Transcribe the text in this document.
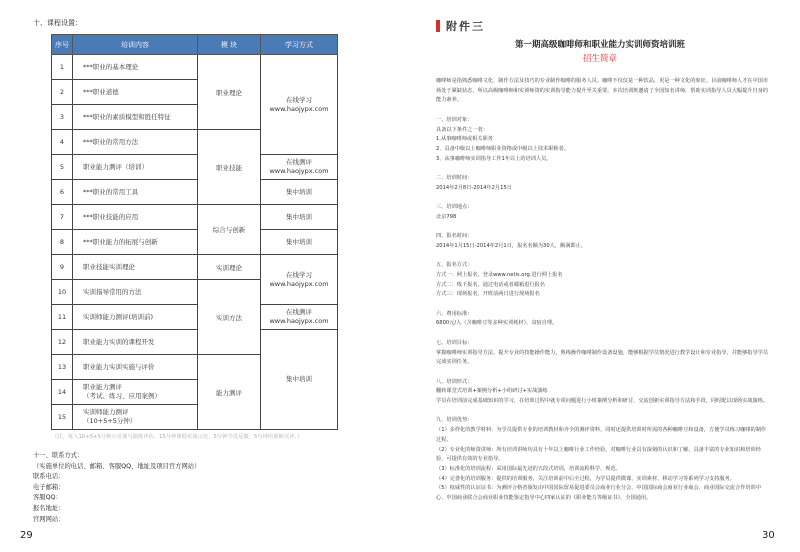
十、课程设置：
序号	培训内容	模 块	学习方式
1	***职业的基本理论	职业理论	在线学习
www.haojypx.com
2	***职业道德		
3	***职业的素质模型和胜任特征		
4	***职业的常用方法	职业技能	
5	职业能力测评（培训）		在线测评
www.haojypx.com
6	***职业的常用工具		集中培训
7	***职业技能的应用	综合与创新	集中培训
8	***职业能力的拓展与创新		集中培训
9	职业技能实训理论	实训理论	在线学习
www.haojypx.com
10	实训指导常用的方法	实训方法	
11	实训师能力测评(培训前)		在线测评
www.haojypx.com
12	职业能力实训的课程开发		集中培训
13	职业能力实训实施与评价	能力测评	
14	职业能力测评
（考试、练习、应用案例）		
15	实训师能力测评
（10+5+5分钟）		
（注，每人10+5+5分钟示范课与演练评估，15分钟课程实战示范，5分钟学员反馈，5分钟培训师点评。）
十一、联系方式：
（实施单位的电话、邮箱、客服QQ、地址及项目官方网站）
联系电话：
电子邮箱：
客服QQ：
报名地址：
官网网站：
29
附件三
第一期高级咖啡师和职业能力实训师资培训班
招生简章

咖啡师是指熟悉咖啡文化、制作方法及技巧的专业制作咖啡的服务人员。咖啡不仅仅是一种饮品，更是一种文化的象征。目前咖啡师人才在中国市场处于紧缺状态，所以高级咖啡师和实训师资的实训指导能力提升至关重要。本次培训班邀请了全国知名讲师，帮助实训指导人员大幅提升自身的能力素养。

一、培训对象：

具备以下条件之一者：

1.从事咖啡师或相关职务

2、具备中级以上咖啡师职业资格或中级以上技术职称者。

3、从事咖啡师实训指导工作1年以上的培训人员。

二、培训时间：

2014年2月8日-2014年2月15日

三、培训地点：

北京798

四、报名时间：

2014年1月15日-2014年2月1日，报名名额为30人，额满即止。

五、报名方式：

方式一：网上报名，登录www.netis.org.进行网上报名

方式二：线下报名，通过电话或者邮箱进行报名

方式三：现场报名，开班前两日进行现场报名

六、费用标准：

6800元/人（含咖啡豆等多种实训耗材），食宿自理。

七、培训目标：

掌握咖啡师实训指导方法，提升专业的技能操作能力，熟练操作咖啡制作设备设施，能够根据学员情况进行教学设计和专业指导，并能够指导学员完成实训任务。

八、培训形式：

翻转课堂式培训+案例分析+小组研讨+实战演练

学员在培训前完成基础知识的学习，在培训过程中就专项问题进行小组案例分析和研讨，交流创新实训指导方法和手段，同时配以现场实战演练。

九、培训优势：

（1）多样化的教学材料：为学员提供专业的培训教材和齐全的测评资料，同时还提供培训时所需的各种咖啡豆和设备，方便学员练习咖啡的制作过程。

（2）专业化的师资讲师：所有培训讲师均具有十年以上咖啡行业工作经验，对咖啡行业具有深刻的认识和了解，具备丰富的专业知识和培训经验，可提供有效的专业指导。

（3）标准化的培训流程：采用国际最先进的五段式培训，培训流程科学、规范。

（4）完善化的培训服务：提供的培训服务，关注培训前中后全过程，为学员提供微课、实训素材、移动学习等系列学习支持服务。

（5）权威性的认证证书：为测评合格者颁发由中国国际贸易促进委员会商业行业分会、中国国际商会商业行业商会、商业国际交流合作培训中心、中国商业联合会商业职业技能鉴定指导中心四家认证的《职业能力等级证书》，全国通用。

30
